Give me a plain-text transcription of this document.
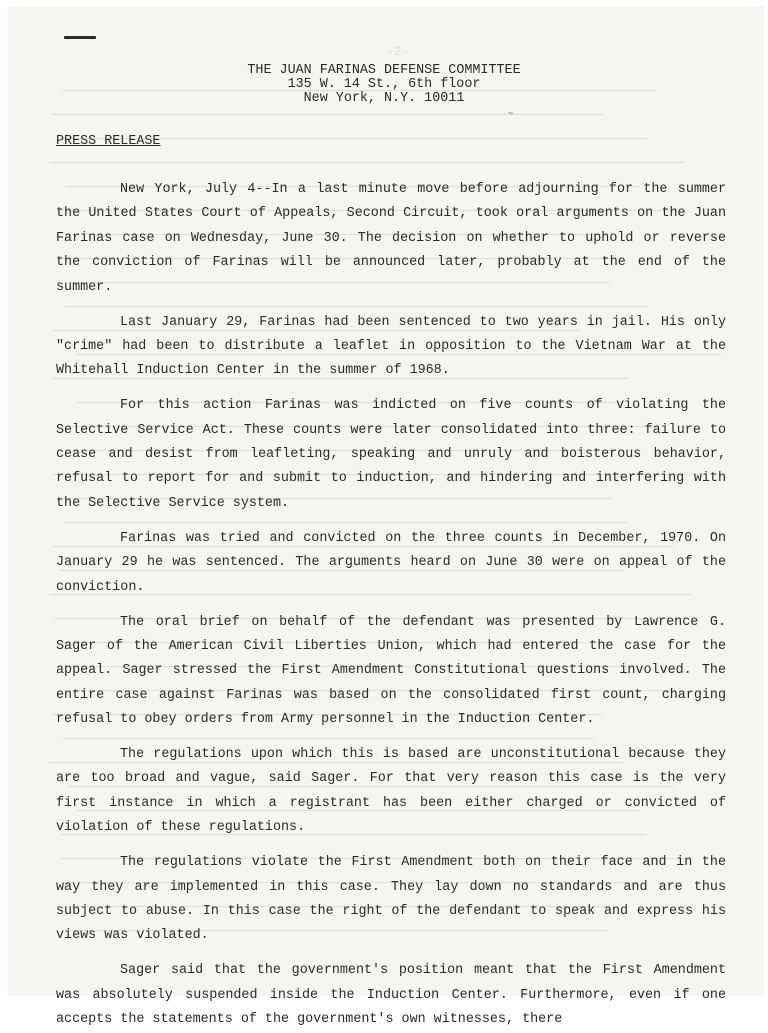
-2-
~
THE JUAN FARINAS DEFENSE COMMITTEE
135 W. 14 St., 6th floor
New York, N.Y. 10011
PRESS RELEASE

New York, July 4--In a last minute move before adjourning for the summer the United States Court of Appeals, Second Circuit, took oral arguments on the Juan Farinas case on Wednesday, June 30. The decision on whether to uphold or reverse the conviction of Farinas will be announced later, probably at the end of the summer.

Last January 29, Farinas had been sentenced to two years in jail. His only "crime" had been to distribute a leaflet in opposition to the Vietnam War at the Whitehall Induction Center in the summer of 1968.

For this action Farinas was indicted on five counts of violating the Selective Service Act. These counts were later consolidated into three: failure to cease and desist from leafleting, speaking and unruly and boisterous behavior, refusal to report for and submit to induction, and hindering and interfering with the Selective Service system.

Farinas was tried and convicted on the three counts in December, 1970. On January 29 he was sentenced. The arguments heard on June 30 were on appeal of the conviction.

The oral brief on behalf of the defendant was presented by Lawrence G. Sager of the American Civil Liberties Union, which had entered the case for the appeal. Sager stressed the First Amendment Constitutional questions involved. The entire case against Farinas was based on the consolidated first count, charging refusal to obey orders from Army personnel in the Induction Center.

The regulations upon which this is based are unconstitutional because they are too broad and vague, said Sager. For that very reason this case is the very first instance in which a registrant has been either charged or convicted of violation of these regulations.

The regulations violate the First Amendment both on their face and in the way they are implemented in this case. They lay down no standards and are thus subject to abuse. In this case the right of the defendant to speak and express his views was violated.

Sager said that the government's position meant that the First Amendment was absolutely suspended inside the Induction Center. Furthermore, even if one accepts the statements of the government's own witnesses, there
